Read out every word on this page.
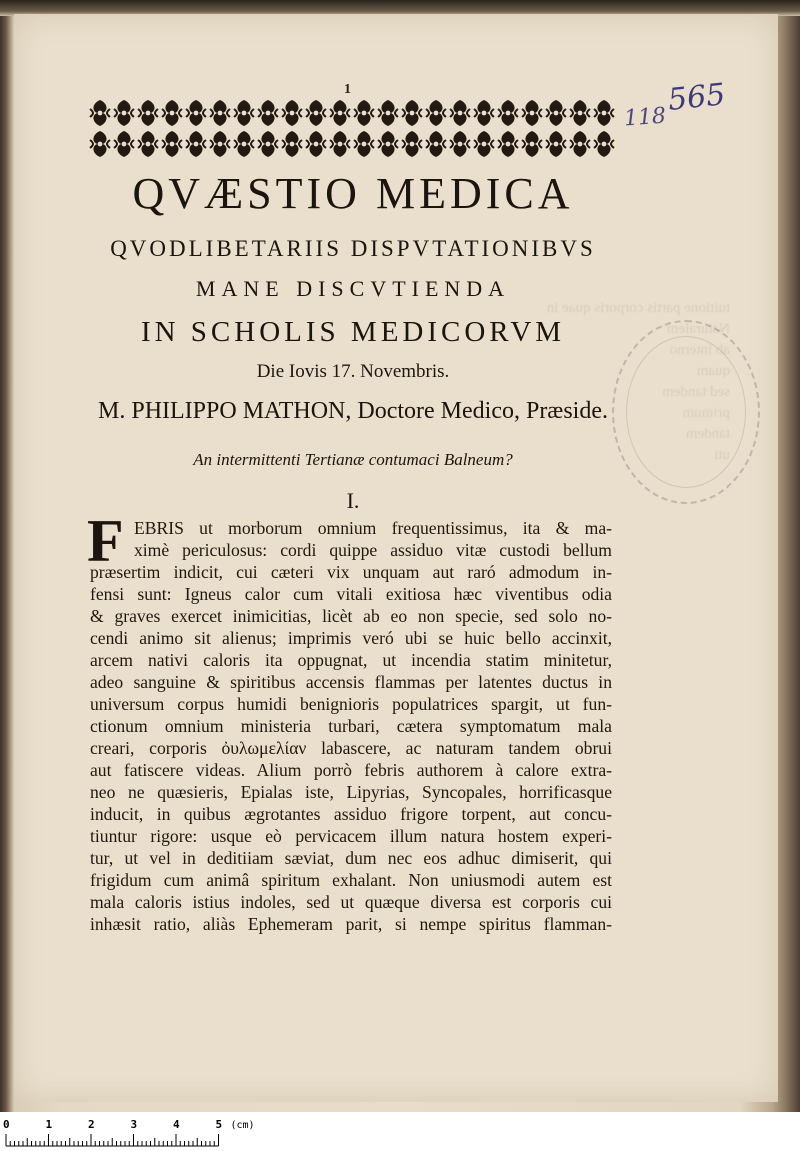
tuitione partis corporis quae in
Naturalem
ab interno
quam
sed tandem
primum
tandem
uti
1	565
118
QVÆSTIO MEDICA
QVODLIBETARIIS DISPVTATIONIBVS
MANE DISCVTIENDA
IN SCHOLIS MEDICORVM
Die Iovis 17. Novembris.
M. PHILIPPO MATHON, Doctore Medico, Præside.
An intermittenti Tertianæ contumaci Balneum?
I.
F EBRIS ut morborum omnium frequentissimus, ita & ma-
ximè periculosus: cordi quippe assiduo vitæ custodi bellum
præsertim indicit, cui cæteri vix unquam aut raró admodum in-
fensi sunt: Igneus calor cum vitali exitiosa hæc viventibus odia
& graves exercet inimicitias, licèt ab eo non specie, sed solo no-
cendi animo sit alienus; imprimis veró ubi se huic bello accinxit,
arcem nativi caloris ita oppugnat, ut incendia statim minitetur,
adeo sanguine & spiritibus accensis flammas per latentes ductus in
universum corpus humidi benignioris populatrices spargit, ut fun-
ctionum omnium ministeria turbari, cætera symptomatum mala
creari, corporis ὀυλωμελίαν labascere, ac naturam tandem obrui
aut fatiscere videas. Alium porrò febris authorem à calore extra-
neo ne quæsieris, Epialas iste, Lipyrias, Syncopales, horrificasque
inducit, in quibus ægrotantes assiduo frigore torpent, aut concu-
tiuntur rigore: usque eò pervicacem illum natura hostem experi-
tur, ut vel in deditiiam sæviat, dum nec eos adhuc dimiserit, qui
frigidum cum animâ spiritum exhalant. Non uniusmodi autem est
mala caloris istius indoles, sed ut quæque diversa est corporis cui
inhæsit ratio, aliàs Ephemeram parit, si nempe spiritus flamman-
0	1	2	3	4	5 (cm)
